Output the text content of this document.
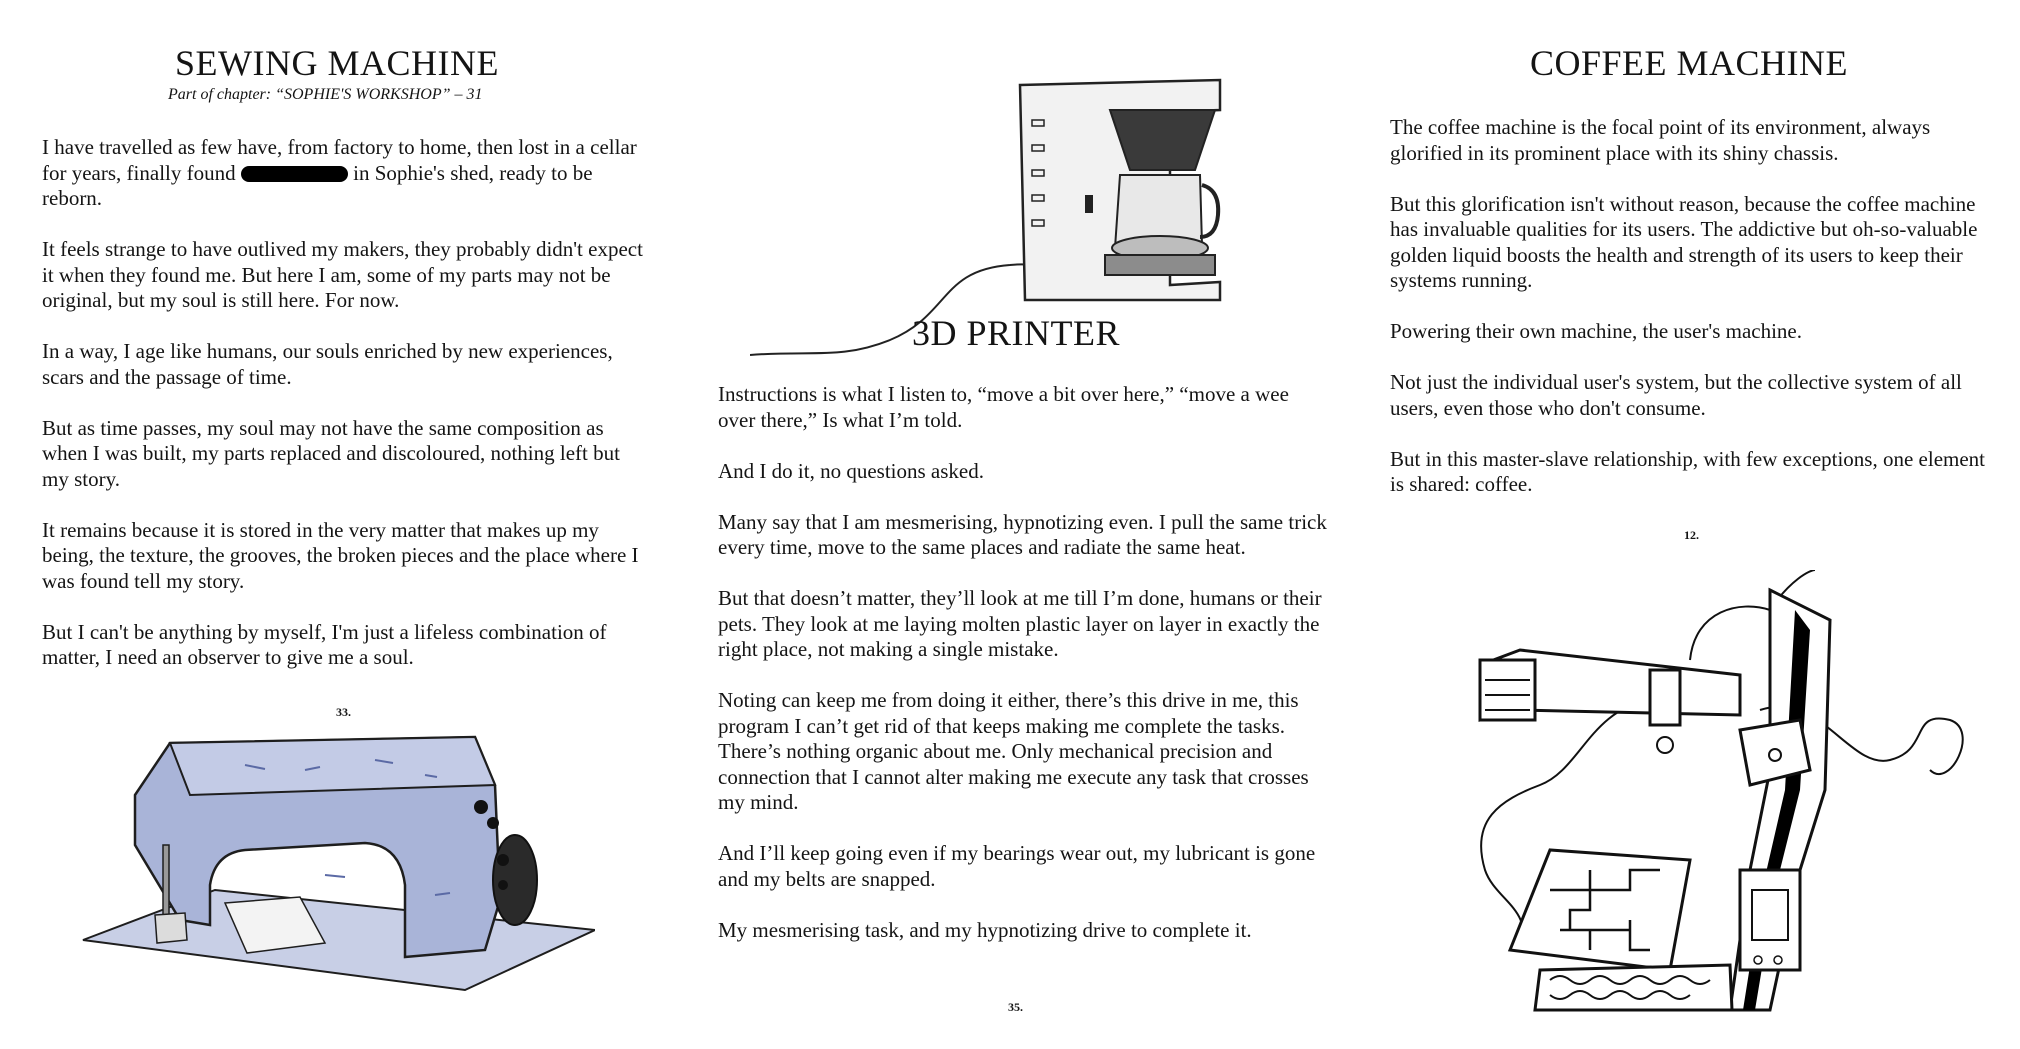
SEWING MACHINE
Part of chapter: “SOPHIE'S WORKSHOP” – 31

I have travelled as few have, from factory to home, then lost in a cellar for years, finally found	in Sophie's shed, ready to be reborn.

It feels strange to have outlived my makers, they probably didn't expect it when they found me. But here I am, some of my parts may not be original, but my soul is still here. For now.

In a way, I age like humans, our souls enriched by new experiences, scars and the passage of time.

But as time passes, my soul may not have the same composition as when I was built, my parts replaced and discoloured, nothing left but my story.

It remains because it is stored in the very matter that makes up my being, the texture, the grooves, the broken pieces and the place where I was found tell my story.

But I can't be anything by myself, I'm just a lifeless combination of matter, I need an observer to give me a soul.

33.
3D PRINTER

Instructions is what I listen to, “move a bit over here,” “move a wee over there,” Is what I’m told.

And I do it, no questions asked.

Many say that I am mesmerising, hypnotizing even. I pull the same trick every time, move to the same places and radiate the same heat.

But that doesn’t matter, they’ll look at me till I’m done, humans or their pets. They look at me laying molten plastic layer on layer in exactly the right place, not making a single mistake.

Noting can keep me from doing it either, there’s this drive in me, this program I can’t get rid of that keeps making me complete the tasks. There’s nothing organic about me. Only mechanical precision and connection that I cannot alter making me execute any task that crosses my mind.

And I’ll keep going even if my bearings wear out, my lubricant is gone and my belts are snapped.

My mesmerising task, and my hypnotizing drive to complete it.

35.
COFFEE MACHINE

The coffee machine is the focal point of its environment, always glorified in its prominent place with its shiny chassis.

But this glorification isn't without reason, because the coffee machine has invaluable qualities for its users. The addictive but oh-so-valuable golden liquid boosts the health and strength of its users to keep their systems running.

Powering their own machine, the user's machine.

Not just the individual user's system, but the collective system of all users, even those who don't consume.

But in this master-slave relationship, with few exceptions, one element is shared: coffee.

12.
